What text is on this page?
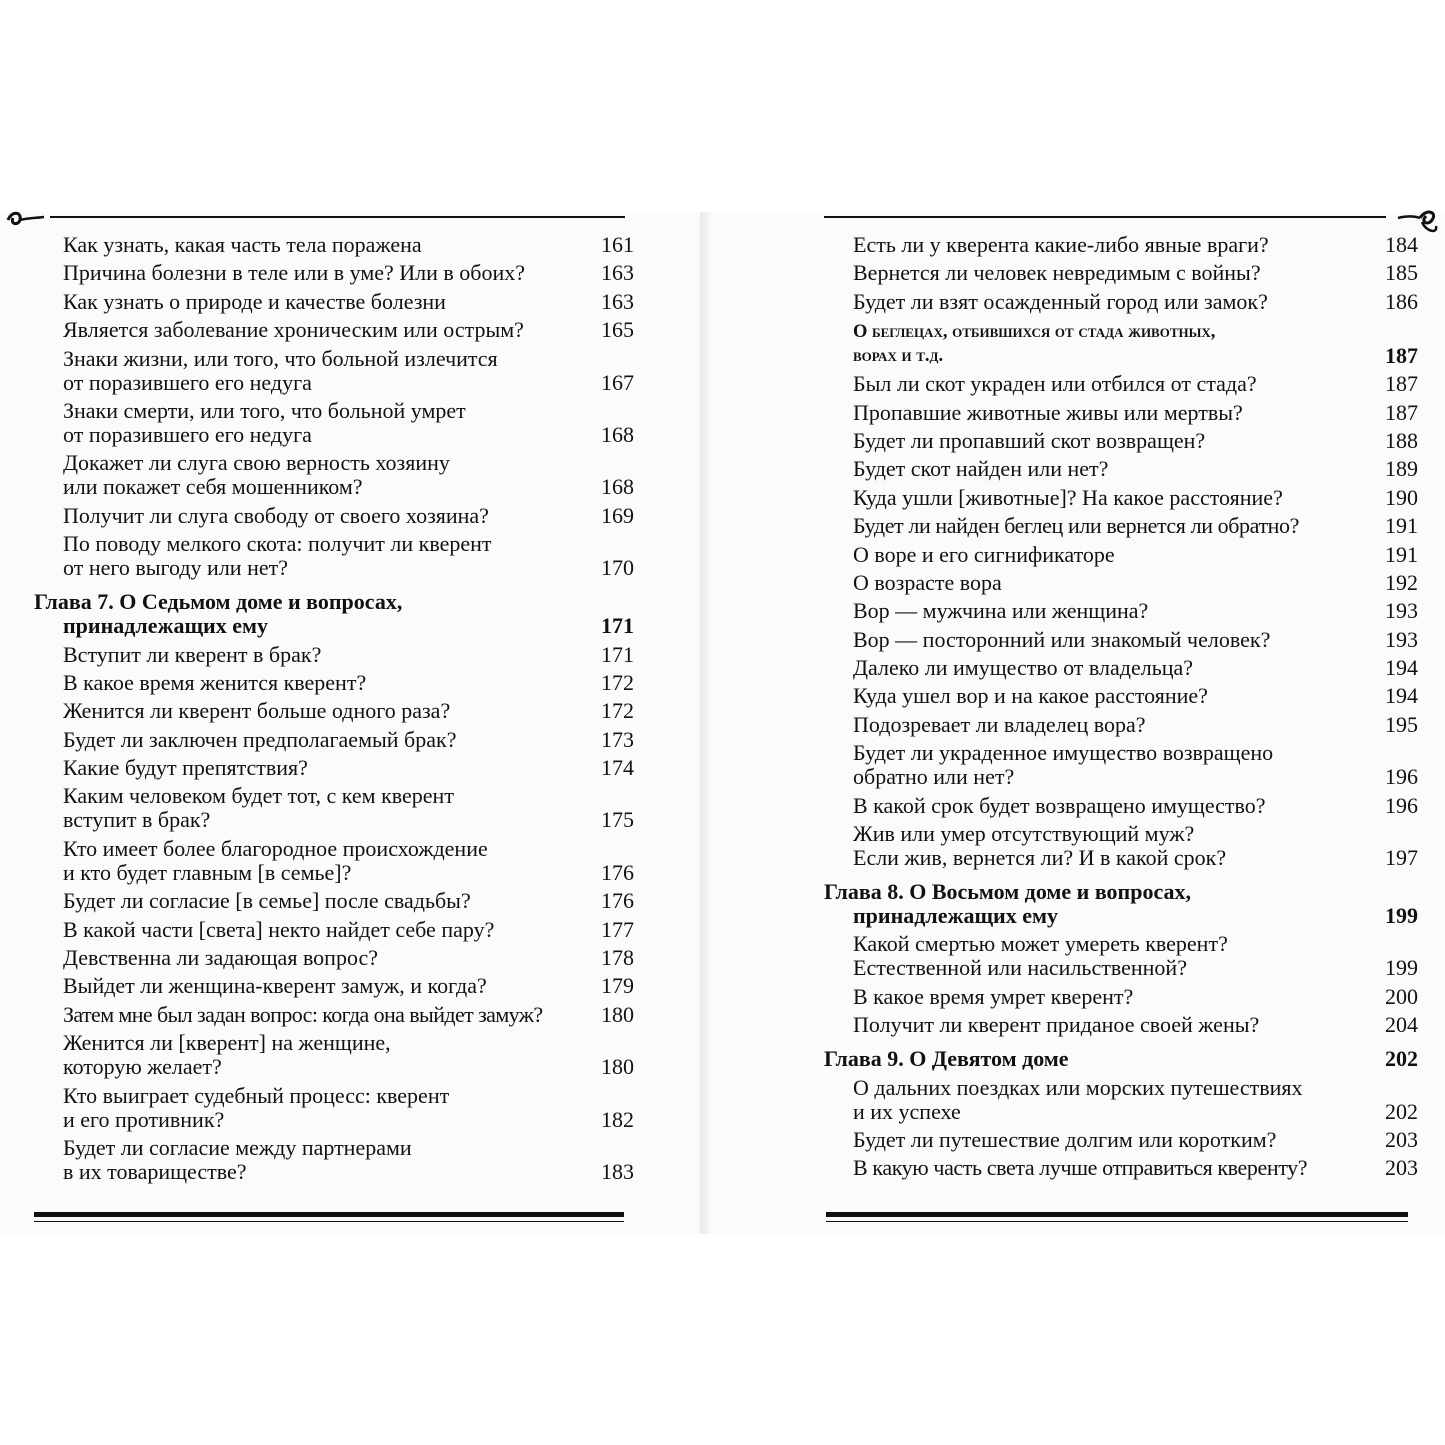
Как узнать, какая часть тела поражена	161
Причина болезни в теле или в уме? Или в обоих?	163
Как узнать о природе и качестве болезни	163
Является заболевание хроническим или острым?	165
Знаки жизни, или того, что больной излечится
от поразившего его недуга	167
Знаки смерти, или того, что больной умрет
от поразившего его недуга	168
Докажет ли слуга свою верность хозяину
или покажет себя мошенником?	168
Получит ли слуга свободу от своего хозяина?	169
По поводу мелкого скота: получит ли кверент
от него выгоду или нет?	170
Глава 7. О Седьмом доме и вопросах,
принадлежащих ему	171
Вступит ли кверент в брак?	171
В какое время женится кверент?	172
Женится ли кверент больше одного раза?	172
Будет ли заключен предполагаемый брак?	173
Какие будут препятствия?	174
Каким человеком будет тот, с кем кверент
вступит в брак?	175
Кто имеет более благородное происхождение
и кто будет главным [в семье]?	176
Будет ли согласие [в семье] после свадьбы?	176
В какой части [света] некто найдет себе пару?	177
Девственна ли задающая вопрос?	178
Выйдет ли женщина-кверент замуж, и когда?	179
Затем мне был задан вопрос: когда она выйдет замуж?	180
Женится ли [кверент] на женщине,
которую желает?	180
Кто выиграет судебный процесс: кверент
и его противник?	182
Будет ли согласие между партнерами
в их товариществе?	183
Есть ли у кверента какие-либо явные враги?	184
Вернется ли человек невредимым с войны?	185
Будет ли взят осажденный город или замок?	186
О беглецах, отбившихся от стада животных,
ворах и т.д.	187
Был ли скот украден или отбился от стада?	187
Пропавшие животные живы или мертвы?	187
Будет ли пропавший скот возвращен?	188
Будет скот найден или нет?	189
Куда ушли [животные]? На какое расстояние?	190
Будет ли найден беглец или вернется ли обратно?	191
О воре и его сигнификаторе	191
О возрасте вора	192
Вор — мужчина или женщина?	193
Вор — посторонний или знакомый человек?	193
Далеко ли имущество от владельца?	194
Куда ушел вор и на какое расстояние?	194
Подозревает ли владелец вора?	195
Будет ли украденное имущество возвращено
обратно или нет?	196
В какой срок будет возвращено имущество?	196
Жив или умер отсутствующий муж?
Если жив, вернется ли? И в какой срок?	197
Глава 8. О Восьмом доме и вопросах,
принадлежащих ему	199
Какой смертью может умереть кверент?
Естественной или насильственной?	199
В какое время умрет кверент?	200
Получит ли кверент приданое своей жены?	204
Глава 9. О Девятом доме	202
О дальних поездках или морских путешествиях
и их успехе	202
Будет ли путешествие долгим или коротким?	203
В какую часть света лучше отправиться кверенту?	203
